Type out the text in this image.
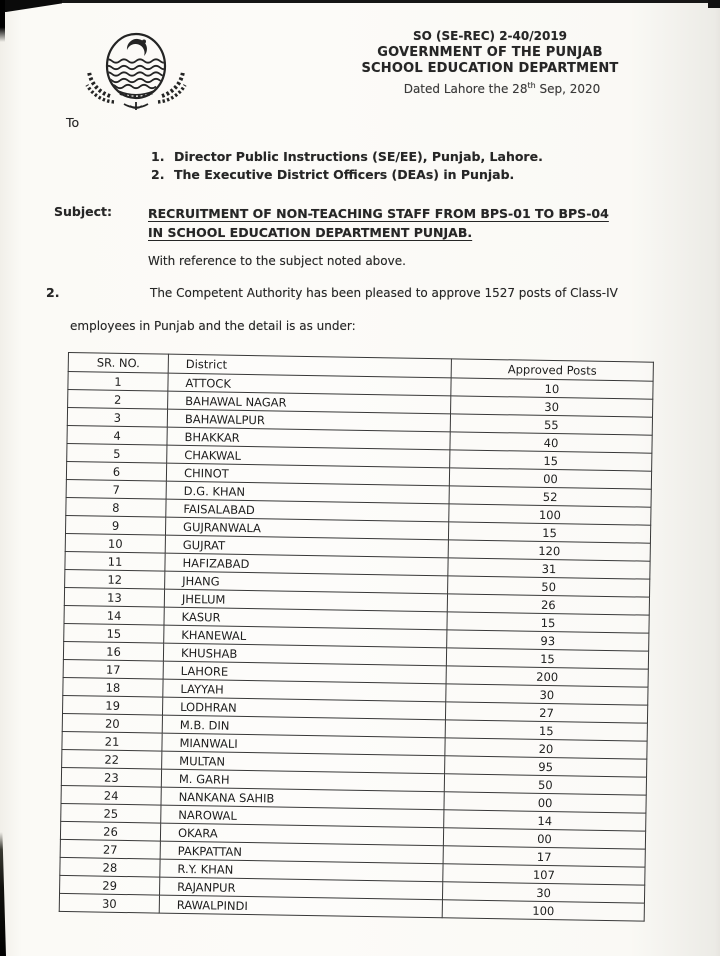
SO (SE-REC) 2-40/2019
GOVERNMENT OF THE PUNJAB
SCHOOL EDUCATION DEPARTMENT
Dated Lahore the 28th Sep, 2020
To
1. Director Public Instructions (SE/EE), Punjab, Lahore.
2. The Executive District Officers (DEAs) in Punjab.
Subject:	RECRUITMENT OF NON-TEACHING STAFF FROM BPS-01 TO BPS-04
IN SCHOOL EDUCATION DEPARTMENT PUNJAB.
With reference to the subject noted above.
2.	The Competent Authority has been pleased to approve 1527 posts of Class-IV
employees in Punjab and the detail is as under:
SR. NO.	District	Approved Posts
1	ATTOCK	10
2	BAHAWAL NAGAR	30
3	BAHAWALPUR	55
4	BHAKKAR	40
5	CHAKWAL	15
6	CHINOT	00
7	D.G. KHAN	52
8	FAISALABAD	100
9	GUJRANWALA	15
10	GUJRAT	120
11	HAFIZABAD	31
12	JHANG	50
13	JHELUM	26
14	KASUR	15
15	KHANEWAL	93
16	KHUSHAB	15
17	LAHORE	200
18	LAYYAH	30
19	LODHRAN	27
20	M.B. DIN	15
21	MIANWALI	20
22	MULTAN	95
23	M. GARH	50
24	NANKANA SAHIB	00
25	NAROWAL	14
26	OKARA	00
27	PAKPATTAN	17
28	R.Y. KHAN	107
29	RAJANPUR	30
30	RAWALPINDI	100
